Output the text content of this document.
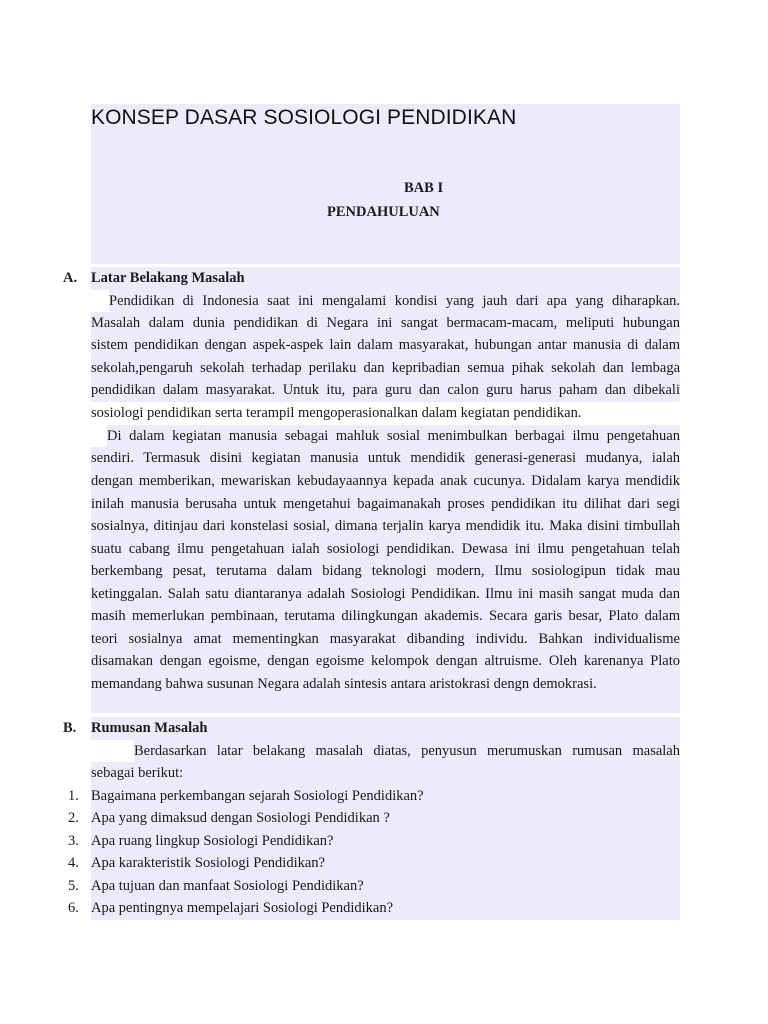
KONSEP DASAR SOSIOLOGI PENDIDIKAN
BAB I
PENDAHULUAN
A. Latar Belakang Masalah
Pendidikan di Indonesia saat ini mengalami kondisi yang jauh dari apa yang diharapkan.
Masalah dalam dunia pendidikan di Negara ini sangat bermacam-macam, meliputi hubungan
sistem pendidikan dengan aspek-aspek lain dalam masyarakat, hubungan antar manusia di dalam
sekolah,pengaruh sekolah terhadap perilaku dan kepribadian semua pihak sekolah dan lembaga
pendidikan dalam masyarakat. Untuk itu, para guru dan calon guru harus paham dan dibekali
sosiologi pendidikan serta terampil mengoperasionalkan dalam kegiatan pendidikan.
Di dalam kegiatan manusia sebagai mahluk sosial menimbulkan berbagai ilmu pengetahuan
sendiri. Termasuk disini kegiatan manusia untuk mendidik generasi-generasi mudanya, ialah
dengan memberikan, mewariskan kebudayaannya kepada anak cucunya. Didalam karya mendidik
inilah manusia berusaha untuk mengetahui bagaimanakah proses pendidikan itu dilihat dari segi
sosialnya, ditinjau dari konstelasi sosial, dimana terjalin karya mendidik itu. Maka disini timbullah
suatu cabang ilmu pengetahuan ialah sosiologi pendidikan. Dewasa ini ilmu pengetahuan telah
berkembang pesat, terutama dalam bidang teknologi modern, Ilmu sosiologipun tidak mau
ketinggalan. Salah satu diantaranya adalah Sosiologi Pendidikan. Ilmu ini masih sangat muda dan
masih memerlukan pembinaan, terutama dilingkungan akademis. Secara garis besar, Plato dalam
teori sosialnya amat mementingkan masyarakat dibanding individu. Bahkan individualisme
disamakan dengan egoisme, dengan egoisme kelompok dengan altruisme. Oleh karenanya Plato
memandang bahwa susunan Negara adalah sintesis antara aristokrasi dengn demokrasi.
B. Rumusan Masalah
Berdasarkan latar belakang masalah diatas, penyusun merumuskan rumusan masalah
sebagai berikut:
1. Bagaimana perkembangan sejarah Sosiologi Pendidikan?
2. Apa yang dimaksud dengan Sosiologi Pendidikan ?
3. Apa ruang lingkup Sosiologi Pendidikan?
4. Apa karakteristik Sosiologi Pendidikan?
5. Apa tujuan dan manfaat Sosiologi Pendidikan?
6. Apa pentingnya mempelajari Sosiologi Pendidikan?
